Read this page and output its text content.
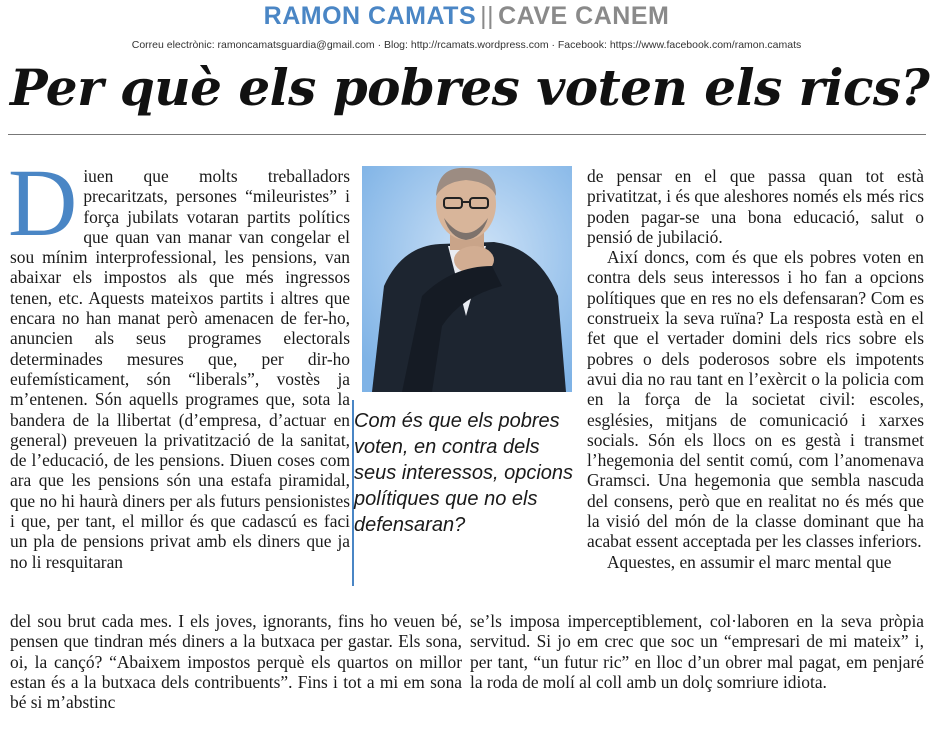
RAMON CAMATS || CAVE CANEM
Correu electrònic: ramoncamatsguardia@gmail.com · Blog: http://rcamats.wordpress.com · Facebook: https://www.facebook.com/ramon.camats
Per què els pobres voten els rics?

Diuen que molts treballadors precaritzats, persones “mileuristes” i força jubilats votaran partits polítics que quan van manar van congelar el sou mínim interprofessional, les pensions, van abaixar els impostos als que més ingressos tenen, etc. Aquests mateixos partits i altres que encara no han manat però amenacen de fer-ho, anuncien als seus programes electorals determinades mesures que, per dir-ho eufemísticament, són “liberals”, vostès ja m’entenen. Són aquells programes que, sota la bandera de la llibertat (d’empresa, d’actuar en general) preveuen la privatització de la sanitat, de l’educació, de les pensions. Diuen coses com ara que les pensions són una estafa piramidal, que no hi haurà diners per als futurs pensionistes i que, per tant, el millor és que cadascú es faci un pla de pensions privat amb els diners que ja no li resquitaran

Com és que els pobres voten, en contra dels seus interessos, opcions polítiques que no els defensaran?

de pensar en el que passa quan tot està privatitzat, i és que aleshores només els més rics poden pagar-se una bona educació, salut o pensió de jubilació.

Així doncs, com és que els pobres voten en contra dels seus interessos i ho fan a opcions polítiques que en res no els defensaran? Com es construeix la seva ruïna? La resposta està en el fet que el vertader domini dels rics sobre els pobres o dels poderosos sobre els impotents avui dia no rau tant en l’exèrcit o la policia com en la força de la societat civil: escoles, esglésies, mitjans de comunicació i xarxes socials. Són els llocs on es gestà i transmet l’hegemonia del sentit comú, com l’anomenava Gramsci. Una hegemonia que sembla nascuda del consens, però que en realitat no és més que la visió del món de la classe dominant que ha acabat essent acceptada per les classes inferiors.

Aquestes, en assumir el marc mental que

del sou brut cada mes. I els joves, ignorants, fins ho veuen bé, pensen que tindran més diners a la butxaca per gastar. Els sona, oi, la cançó? “Abaixem impostos perquè els quartos on millor estan és a la butxaca dels contribuents”. Fins i tot a mi em sona bé si m’abstinc

se’ls imposa imperceptiblement, col·laboren en la seva pròpia servitud. Si jo em crec que soc un “empresari de mi mateix” i, per tant, “un futur ric” en lloc d’un obrer mal pagat, em penjaré la roda de molí al coll amb un dolç somriure idiota.
